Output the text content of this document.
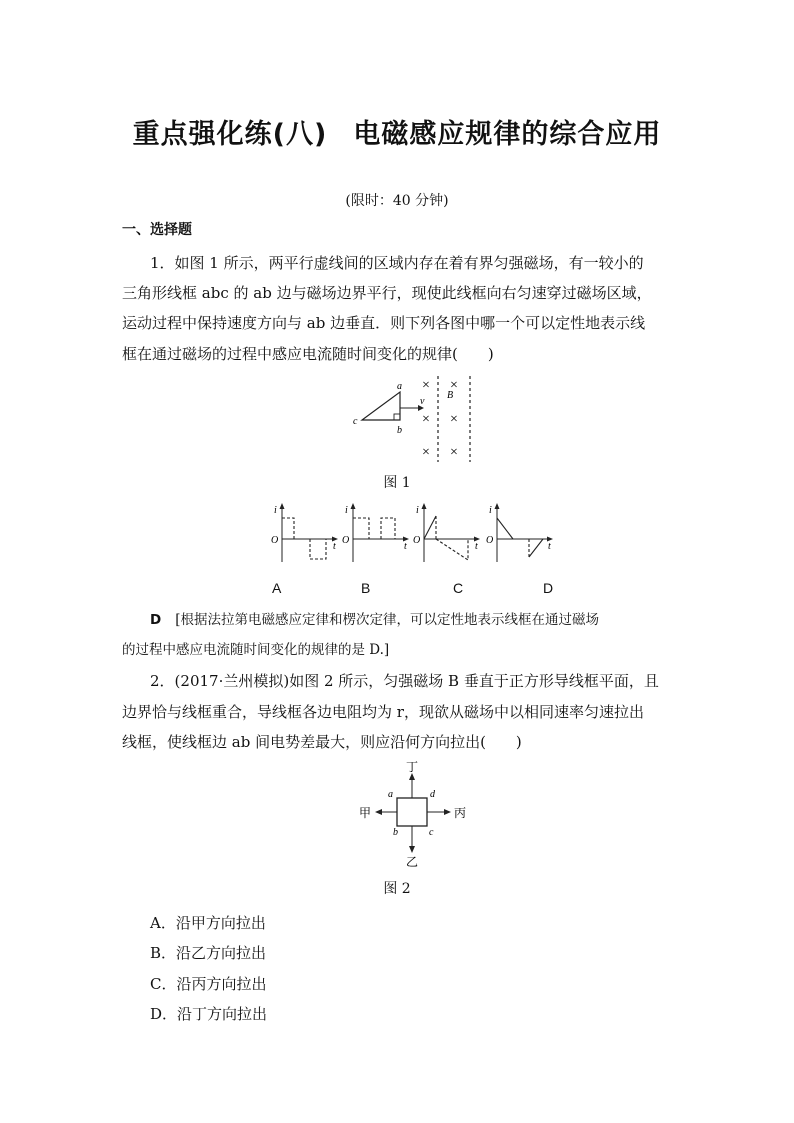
重点强化练(八) 电磁感应规律的综合应用
(限时：40 分钟)
一、选择题
1．如图 1 所示，两平行虚线间的区域内存在着有界匀强磁场，有一较小的
三角形线框 abc 的 ab 边与磁场边界平行，现使此线框向右匀速穿过磁场区域，
运动过程中保持速度方向与 ab 边垂直．则下列各图中哪一个可以定性地表示线
框在通过磁场的过程中感应电流随时间变化的规律(　　)
× ×
× ×
× ×
B
v
a
b
c
图 1
i
t
O
A
i
t
O
B
i
t
O
C
i
t
O
D
D [根据法拉第电磁感应定律和楞次定律，可以定性地表示线框在通过磁场
的过程中感应电流随时间变化的规律的是 D.]
2．(2017·兰州模拟)如图 2 所示，匀强磁场 B 垂直于正方形导线框平面，且
边界恰与线框重合，导线框各边电阻均为 r，现欲从磁场中以相同速率匀速拉出
线框，使线框边 ab 间电势差最大，则应沿何方向拉出(　　)
丁
乙
甲	丙
a
b	c
d
图 2
A．沿甲方向拉出
B．沿乙方向拉出
C．沿丙方向拉出
D．沿丁方向拉出
